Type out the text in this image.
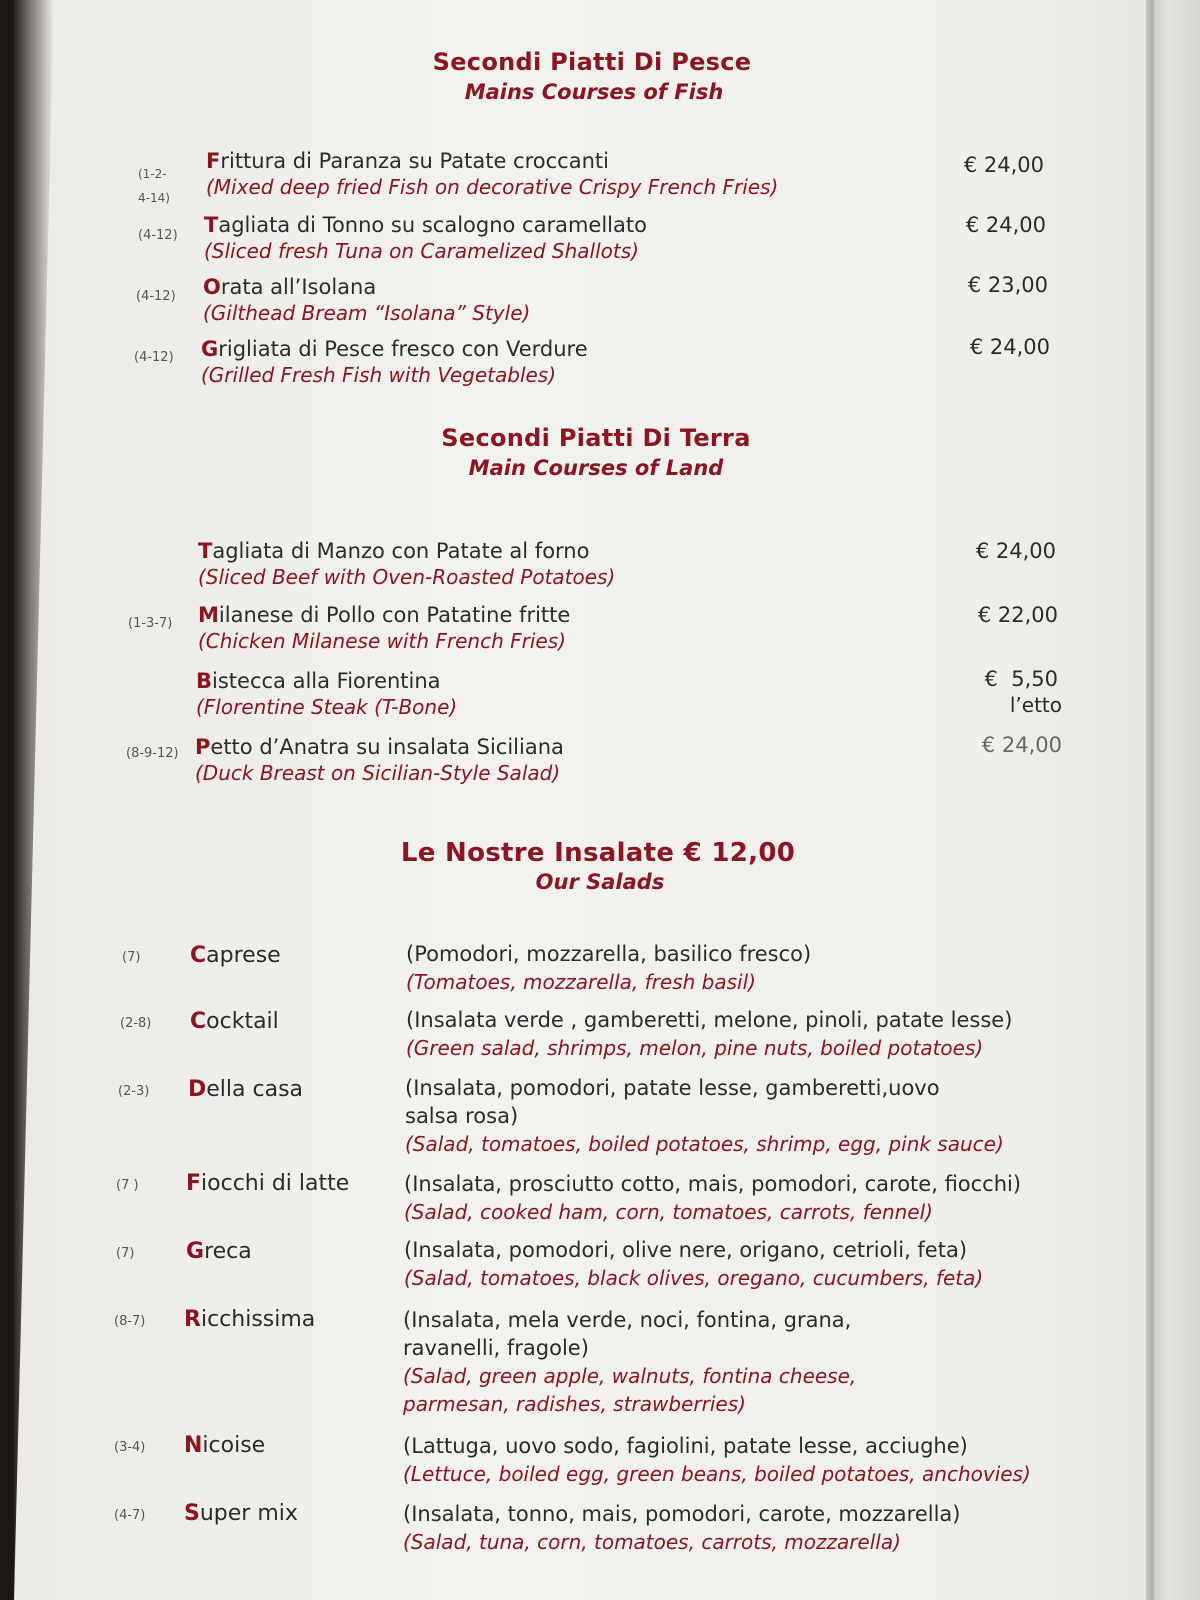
Secondi Piatti Di Pesce
Mains Courses of Fish
(1-2-
4-14)
Frittura di Paranza su Patate croccanti
(Mixed deep fried Fish on decorative Crispy French Fries)
€ 24,00
(4-12) Tagliata di Tonno su scalogno caramellato
(Sliced fresh Tuna on Caramelized Shallots)
€ 24,00
(4-12) Orata all’Isolana
(Gilthead Bream “Isolana” Style)
€ 23,00
(4-12) Grigliata di Pesce fresco con Verdure
(Grilled Fresh Fish with Vegetables)
€ 24,00
Secondi Piatti Di Terra
Main Courses of Land
Tagliata di Manzo con Patate al forno
(Sliced Beef with Oven-Roasted Potatoes)
€ 24,00
(1-3-7) Milanese di Pollo con Patatine fritte
(Chicken Milanese with French Fries)
€ 22,00
Bistecca alla Fiorentina
(Florentine Steak (T-Bone)
€  5,50
l’etto
(8-9-12) Petto d’Anatra su insalata Siciliana
(Duck Breast on Sicilian-Style Salad)
€ 24,00
Le Nostre Insalate € 12,00
Our Salads
(7) Caprese	(Pomodori, mozzarella, basilico fresco)
(Tomatoes, mozzarella, fresh basil)
(2-8) Cocktail	(Insalata verde , gamberetti, melone, pinoli, patate lesse)
(Green salad, shrimps, melon, pine nuts, boiled potatoes)
(2-3) Della casa	(Insalata, pomodori, patate lesse, gamberetti,uovo
salsa rosa)
(Salad, tomatoes, boiled potatoes, shrimp, egg, pink sauce)
(7 ) Fiocchi di latte	(Insalata, prosciutto cotto, mais, pomodori, carote, fiocchi)
(Salad, cooked ham, corn, tomatoes, carrots, fennel)
(7) Greca	(Insalata, pomodori, olive nere, origano, cetrioli, feta)
(Salad, tomatoes, black olives, oregano, cucumbers, feta)
(8-7) Ricchissima	(Insalata, mela verde, noci, fontina, grana,
ravanelli, fragole)
(Salad, green apple, walnuts, fontina cheese,
parmesan, radishes, strawberries)
(3-4) Nicoise	(Lattuga, uovo sodo, fagiolini, patate lesse, acciughe)
(Lettuce, boiled egg, green beans, boiled potatoes, anchovies)
(4-7) Super mix	(Insalata, tonno, mais, pomodori, carote, mozzarella)
(Salad, tuna, corn, tomatoes, carrots, mozzarella)
